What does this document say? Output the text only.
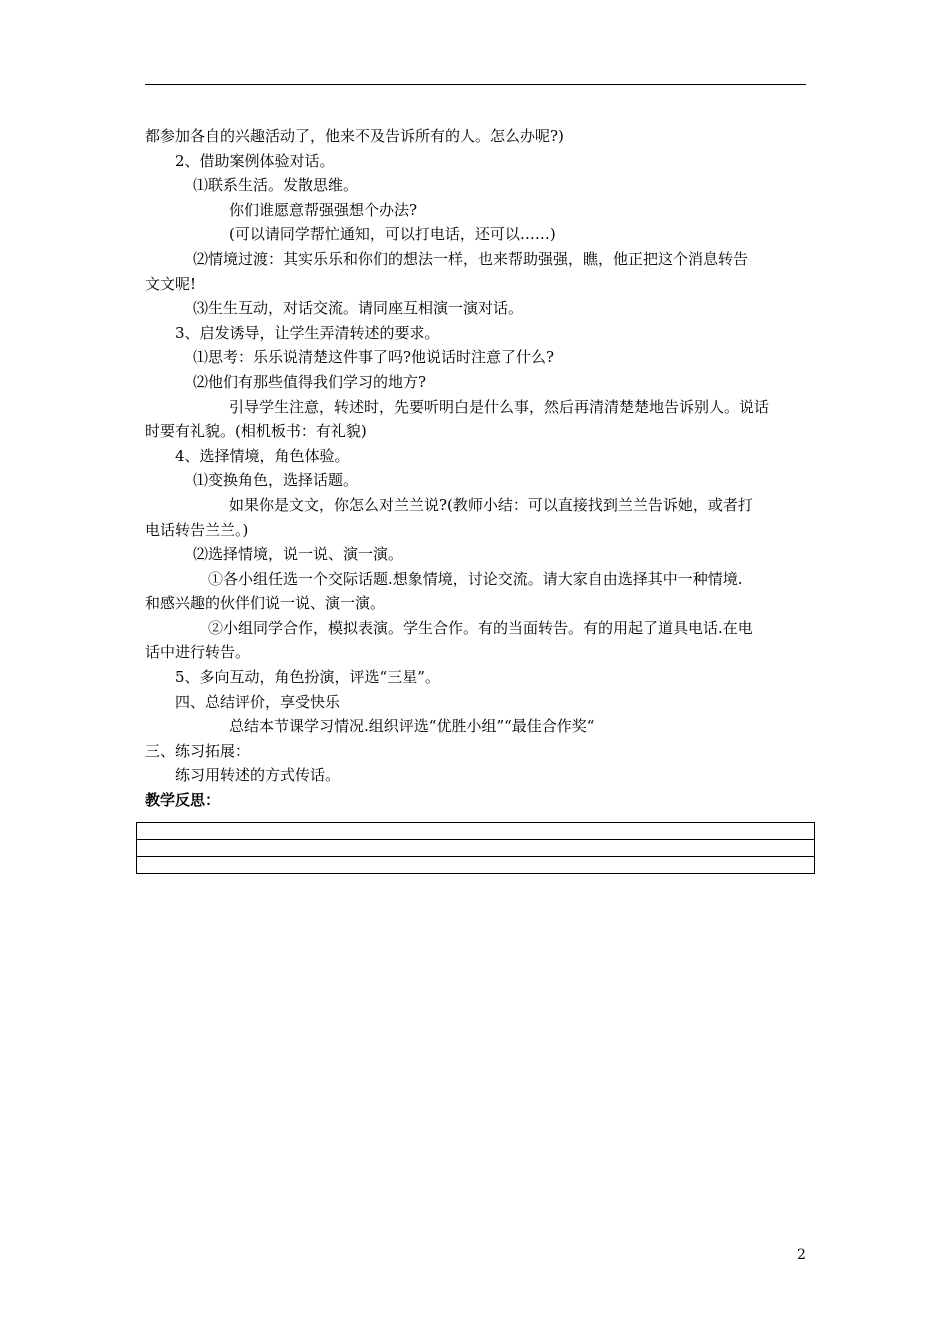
都参加各自的兴趣活动了，他来不及告诉所有的人。怎么办呢?)

2、借助案例体验对话。

⑴联系生活。发散思维。

你们谁愿意帮强强想个办法?

(可以请同学帮忙通知，可以打电话，还可以……)

⑵情境过渡：其实乐乐和你们的想法一样，也来帮助强强，瞧，他正把这个消息转告

文文呢!

⑶生生互动，对话交流。请同座互相演一演对话。

3、启发诱导，让学生弄清转述的要求。

⑴思考：乐乐说清楚这件事了吗?他说话时注意了什么?

⑵他们有那些值得我们学习的地方?

引导学生注意，转述时，先要听明白是什么事，然后再清清楚楚地告诉别人。说话

时要有礼貌。(相机板书：有礼貌)

4、选择情境，角色体验。

⑴变换角色，选择话题。

如果你是文文，你怎么对兰兰说?(教师小结：可以直接找到兰兰告诉她，或者打

电话转告兰兰。)

⑵选择情境，说一说、演一演。

①各小组任选一个交际话题.想象情境，讨论交流。请大家自由选择其中一种情境.

和感兴趣的伙伴们说一说、演一演。

②小组同学合作，模拟表演。学生合作。有的当面转告。有的用起了道具电话.在电

话中进行转告。

5、多向互动，角色扮演，评选“三星”。

四、总结评价，享受快乐

总结本节课学习情况.组织评选“优胜小组”“最佳合作奖“

三、练习拓展：

练习用转述的方式传话。

教学反思：

2
